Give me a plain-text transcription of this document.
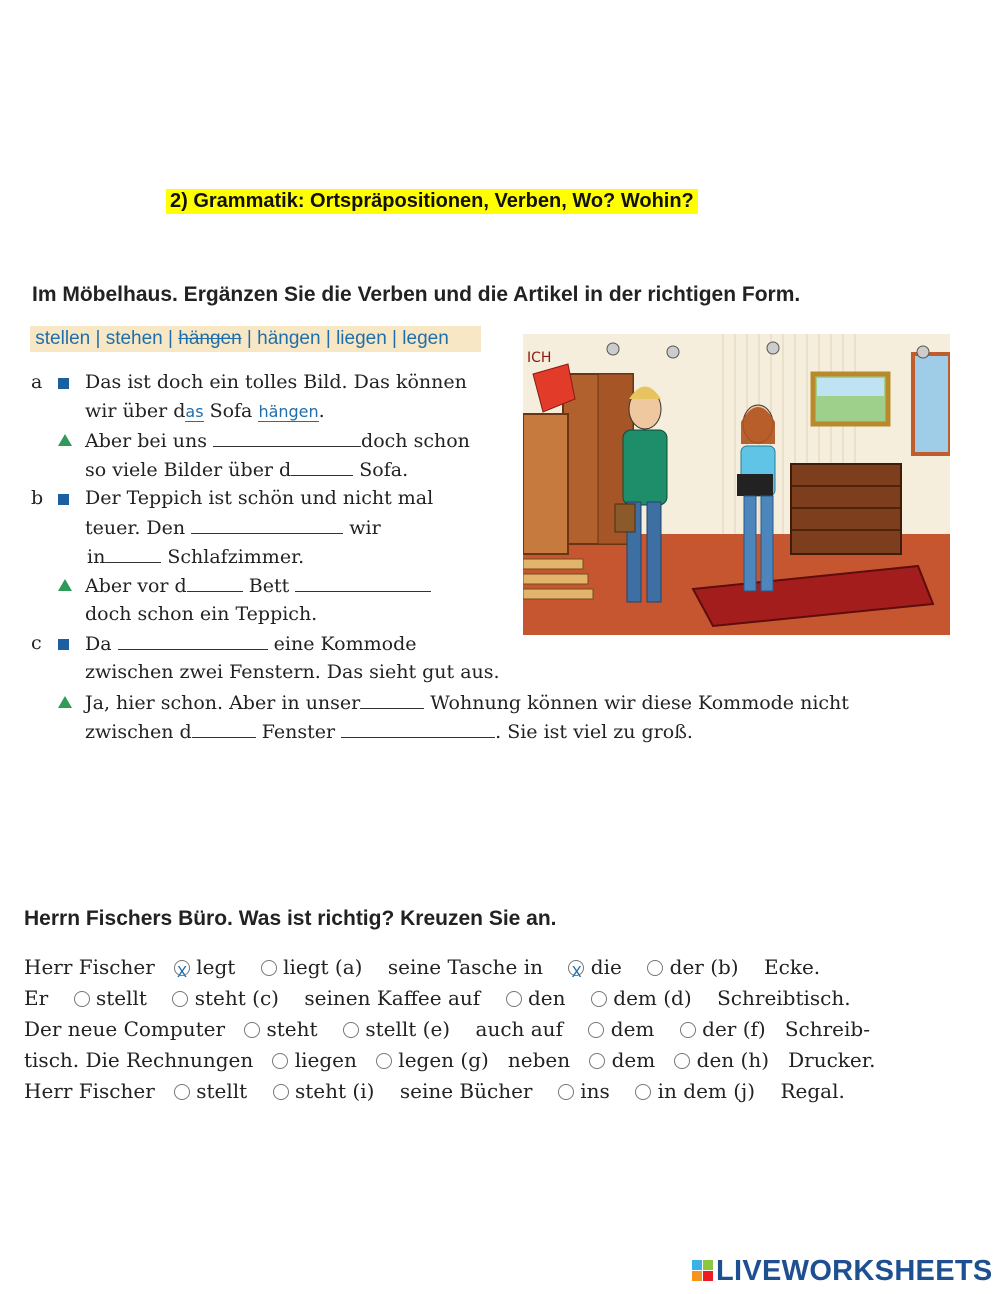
2) Grammatik: Ortspräpositionen, Verben, Wo? Wohin?
Im Möbelhaus. Ergänzen Sie die Verben und die Artikel in der richtigen Form.
stellen | stehen | hängen | hängen | liegen | legen
a Das ist doch ein tolles Bild. Das können
wir über das Sofa hängen.
Aber bei uns	doch schon
so viele Bilder über d	Sofa.
b Der Teppich ist schön und nicht mal
teuer. Den	wir
in	Schlafzimmer.
Aber vor d	Bett
doch schon ein Teppich.
c Da	eine Kommode
zwischen zwei Fenstern. Das sieht gut aus.
Ja, hier schon. Aber in unser	Wohnung können wir diese Kommode nicht
zwischen d	Fenster	. Sie ist viel zu groß.
ICH
Herrn Fischers Büro. Was ist richtig? Kreuzen Sie an.
Herr Fischer X legt liegt (a) seine Tasche in X die der (b) Ecke.
Er stellt steht (c) seinen Kaffee auf den dem (d) Schreibtisch.
Der neue Computer steht stellt (e) auch auf dem der (f) Schreib-
tisch. Die Rechnungen liegen legen (g) neben dem den (h) Drucker.
Herr Fischer stellt steht (i) seine Bücher ins in dem (j) Regal.
LIVEWORKSHEETS
